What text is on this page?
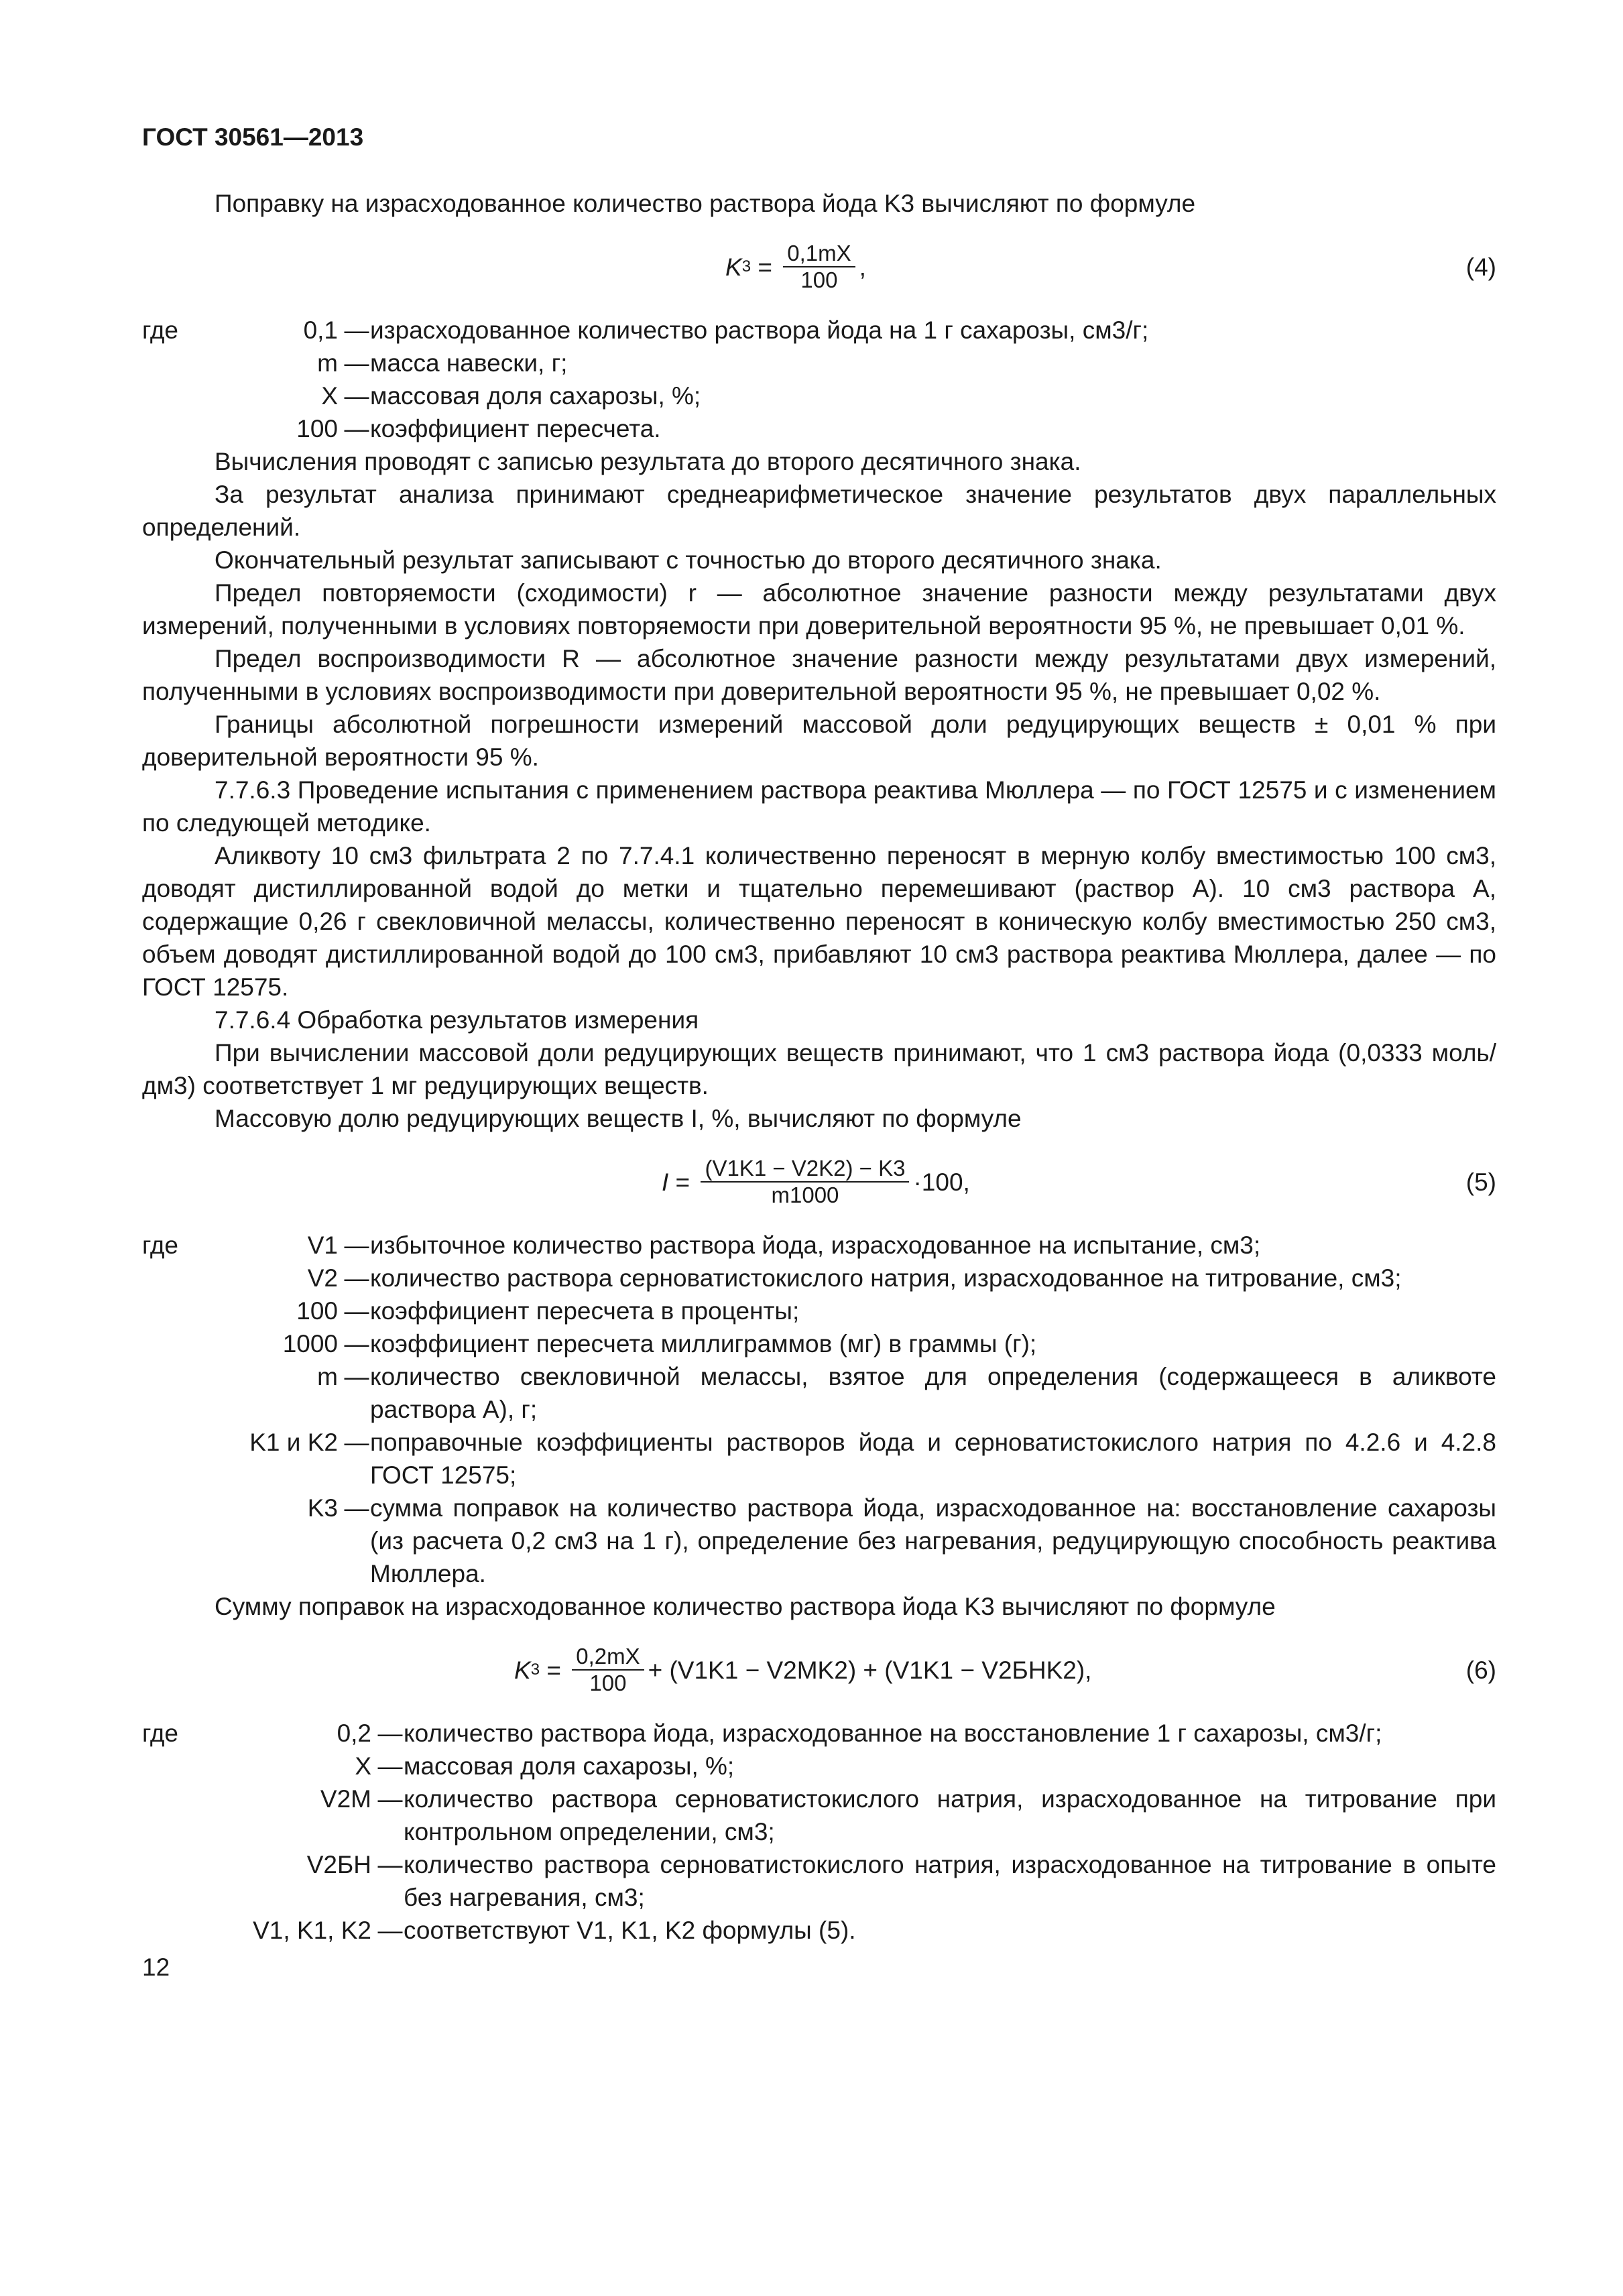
ГОСТ 30561—2013

Поправку на израсходованное количество раствора йода K3 вычисляют по формуле

K $3 = \frac{0,1mX}{100}$ ,	(4)
где	0,1 — израсходованное количество раствора йода на 1 г сахарозы, см3/г;
m — масса навески, г;
X — массовая доля сахарозы, %;
100 — коэффициент пересчета.

Вычисления проводят с записью результата до второго десятичного знака.

За результат анализа принимают среднеарифметическое значение результатов двух параллельных определений.

Окончательный результат записывают с точностью до второго десятичного знака.

Предел повторяемости (сходимости) r — абсолютное значение разности между результатами двух измерений, полученными в условиях повторяемости при доверительной вероятности 95 %, не превышает 0,01 %.

Предел воспроизводимости R — абсолютное значение разности между результатами двух измерений, полученными в условиях воспроизводимости при доверительной вероятности 95 %, не превышает 0,02 %.

Границы абсолютной погрешности измерений массовой доли редуцирующих веществ ± 0,01 % при доверительной вероятности 95 %.

7.7.6.3 Проведение испытания с применением раствора реактива Мюллера — по ГОСТ 12575 и с изменением по следующей методике.

Аликвоту 10 см3 фильтрата 2 по 7.7.4.1 количественно переносят в мерную колбу вместимостью 100 см3, доводят дистиллированной водой до метки и тщательно перемешивают (раствор А). 10 см3 раствора А, содержащие 0,26 г свекловичной мелассы, количественно переносят в коническую колбу вместимостью 250 см3, объем доводят дистиллированной водой до 100 см3, прибавляют 10 см3 раствора реактива Мюллера, далее — по ГОСТ 12575.

7.7.6.4 Обработка результатов измерения

При вычислении массовой доли редуцирующих веществ принимают, что 1 см3 раствора йода (0,0333 моль/дм3) соответствует 1 мг редуцирующих веществ.

Массовую долю редуцирующих веществ I, %, вычисляют по формуле

$I = \frac{(V1K1 - V2K2) - K3}{m1000} \cdot 100$,	(5)
где	V1 — избыточное количество раствора йода, израсходованное на испытание, см3;
V2 — количество раствора серноватистокислого натрия, израсходованное на титрование, см3;
100 — коэффициент пересчета в проценты;
1000 — коэффициент пересчета миллиграммов (мг) в граммы (г);
m — количество свекловичной мелассы, взятое для определения (содержащееся в аликвоте раствора А), г;
K1 и K2 — поправочные коэффициенты растворов йода и серноватистокислого натрия по 4.2.6 и 4.2.8 ГОСТ 12575;
K3 — сумма поправок на количество раствора йода, израсходованное на: восстановление сахарозы (из расчета 0,2 см3 на 1 г), определение без нагревания, редуцирующую способность реактива Мюллера.

Сумму поправок на израсходованное количество раствора йода K3 вычисляют по формуле

K $3 = \frac{0,2mX}{100} + (V1K1 - V2MK2) + (V1K1 - V2БНK2)$,	(6)
где	0,2 — количество раствора йода, израсходованное на восстановление 1 г сахарозы, см3/г;
X — массовая доля сахарозы, %;
V2M — количество раствора серноватистокислого натрия, израсходованное на титрование при контрольном определении, см3;
V2БН — количество раствора серноватистокислого натрия, израсходованное на титрование в опыте без нагревания, см3;
V1, K1, K2 — соответствуют V1, K1, K2 формулы (5).
12
